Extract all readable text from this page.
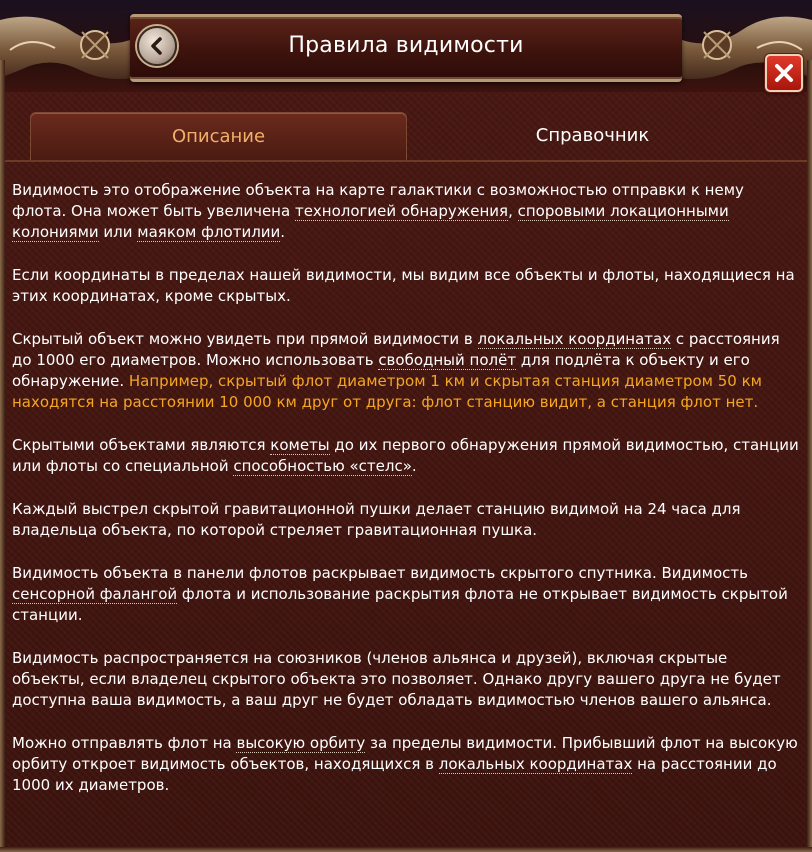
Правила видимости
Описание	Справочник

Видимость это отображение объекта на карте галактики с возможностью отправки к нему флота. Она может быть увеличена технологией обнаружения, споровыми локационными колониями или маяком флотилии.

Если координаты в пределах нашей видимости, мы видим все объекты и флоты, находящиеся на этих координатах, кроме скрытых.

Скрытый объект можно увидеть при прямой видимости в локальных координатах с расстояния до 1000 его диаметров. Можно использовать свободный полёт для подлёта к объекту и его обнаружение. Например, скрытый флот диаметром 1 км и скрытая станция диаметром 50 км находятся на расстоянии 10 000 км друг от друга: флот станцию видит, а станция флот нет.

Скрытыми объектами являются кометы до их первого обнаружения прямой видимостью, станции или флоты со специальной способностью «стелс».

Каждый выстрел скрытой гравитационной пушки делает станцию видимой на 24 часа для владельца объекта, по которой стреляет гравитационная пушка.

Видимость объекта в панели флотов раскрывает видимость скрытого спутника. Видимость сенсорной фалангой флота и использование раскрытия флота не открывает видимость скрытой станции.

Видимость распространяется на союзников (членов альянса и друзей), включая скрытые объекты, если владелец скрытого объекта это позволяет. Однако другу вашего друга не будет доступна ваша видимость, а ваш друг не будет обладать видимостью членов вашего альянса.

Можно отправлять флот на высокую орбиту за пределы видимости. Прибывший флот на высокую орбиту откроет видимость объектов, находящихся в локальных координатах на расстоянии до 1000 их диаметров.
